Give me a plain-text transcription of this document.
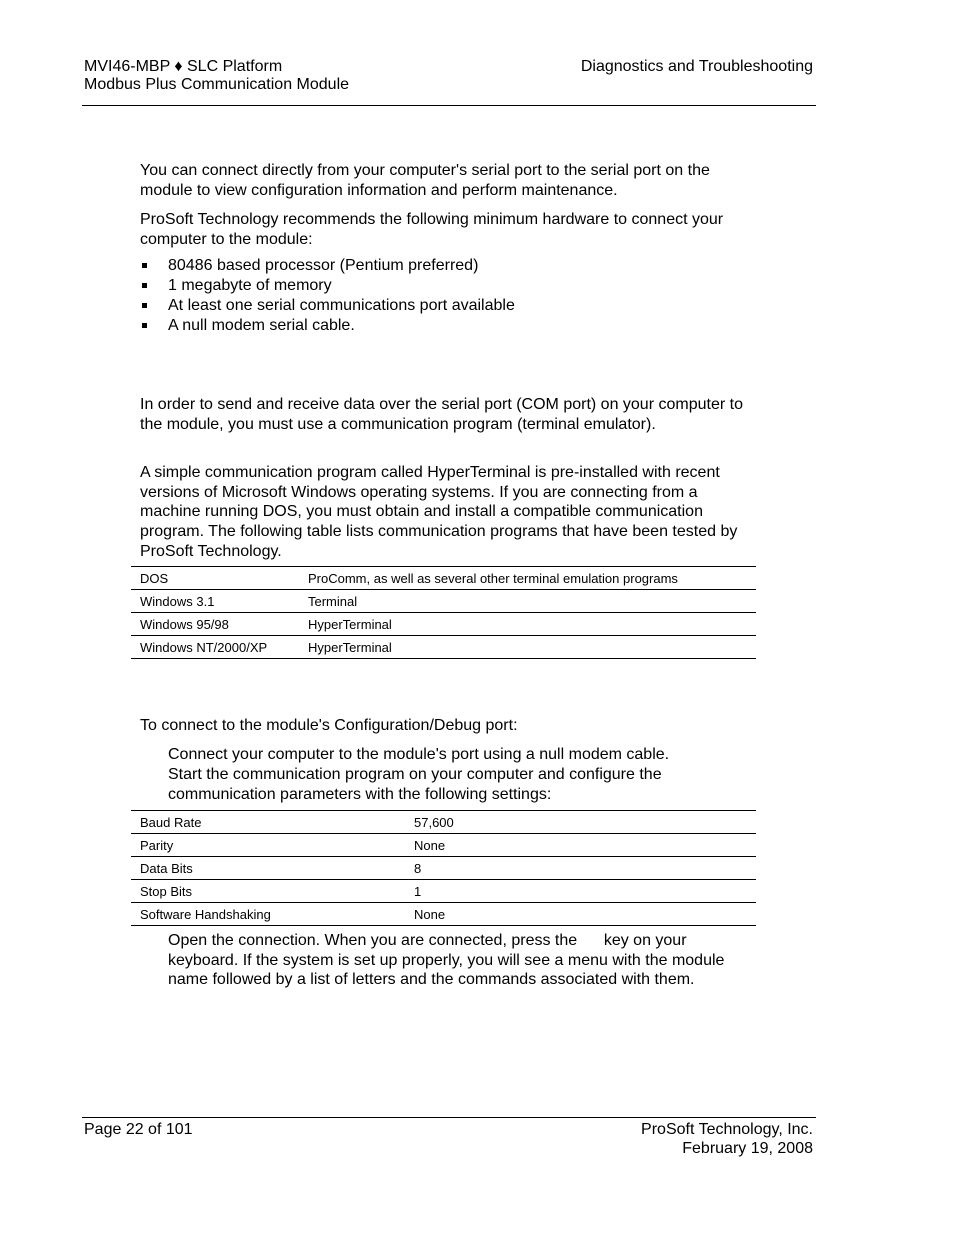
MVI46-MBP ♦ SLC Platform
Modbus Plus Communication Module
Diagnostics and Troubleshooting
You can connect directly from your computer's serial port to the serial port on the module to view configuration information and perform maintenance.
ProSoft Technology recommends the following minimum hardware to connect your computer to the module:
80486 based processor (Pentium preferred)
1 megabyte of memory
At least one serial communications port available
A null modem serial cable.
In order to send and receive data over the serial port (COM port) on your computer to the module, you must use a communication program (terminal emulator).
A simple communication program called HyperTerminal is pre-installed with recent versions of Microsoft Windows operating systems. If you are connecting from a machine running DOS, you must obtain and install a compatible communication program. The following table lists communication programs that have been tested by ProSoft Technology.
DOS	ProComm, as well as several other terminal emulation programs
Windows 3.1	Terminal
Windows 95/98	HyperTerminal
Windows NT/2000/XP	HyperTerminal
To connect to the module's Configuration/Debug port:
Connect your computer to the module's port using a null modem cable.
Start the communication program on your computer and configure the communication parameters with the following settings:
Baud Rate	57,600
Parity	None
Data Bits	8
Stop Bits	1
Software Handshaking	None
Open the connection. When you are connected, press the      key on your keyboard. If the system is set up properly, you will see a menu with the module name followed by a list of letters and the commands associated with them.
Page 22 of 101	ProSoft Technology, Inc.
February 19, 2008
